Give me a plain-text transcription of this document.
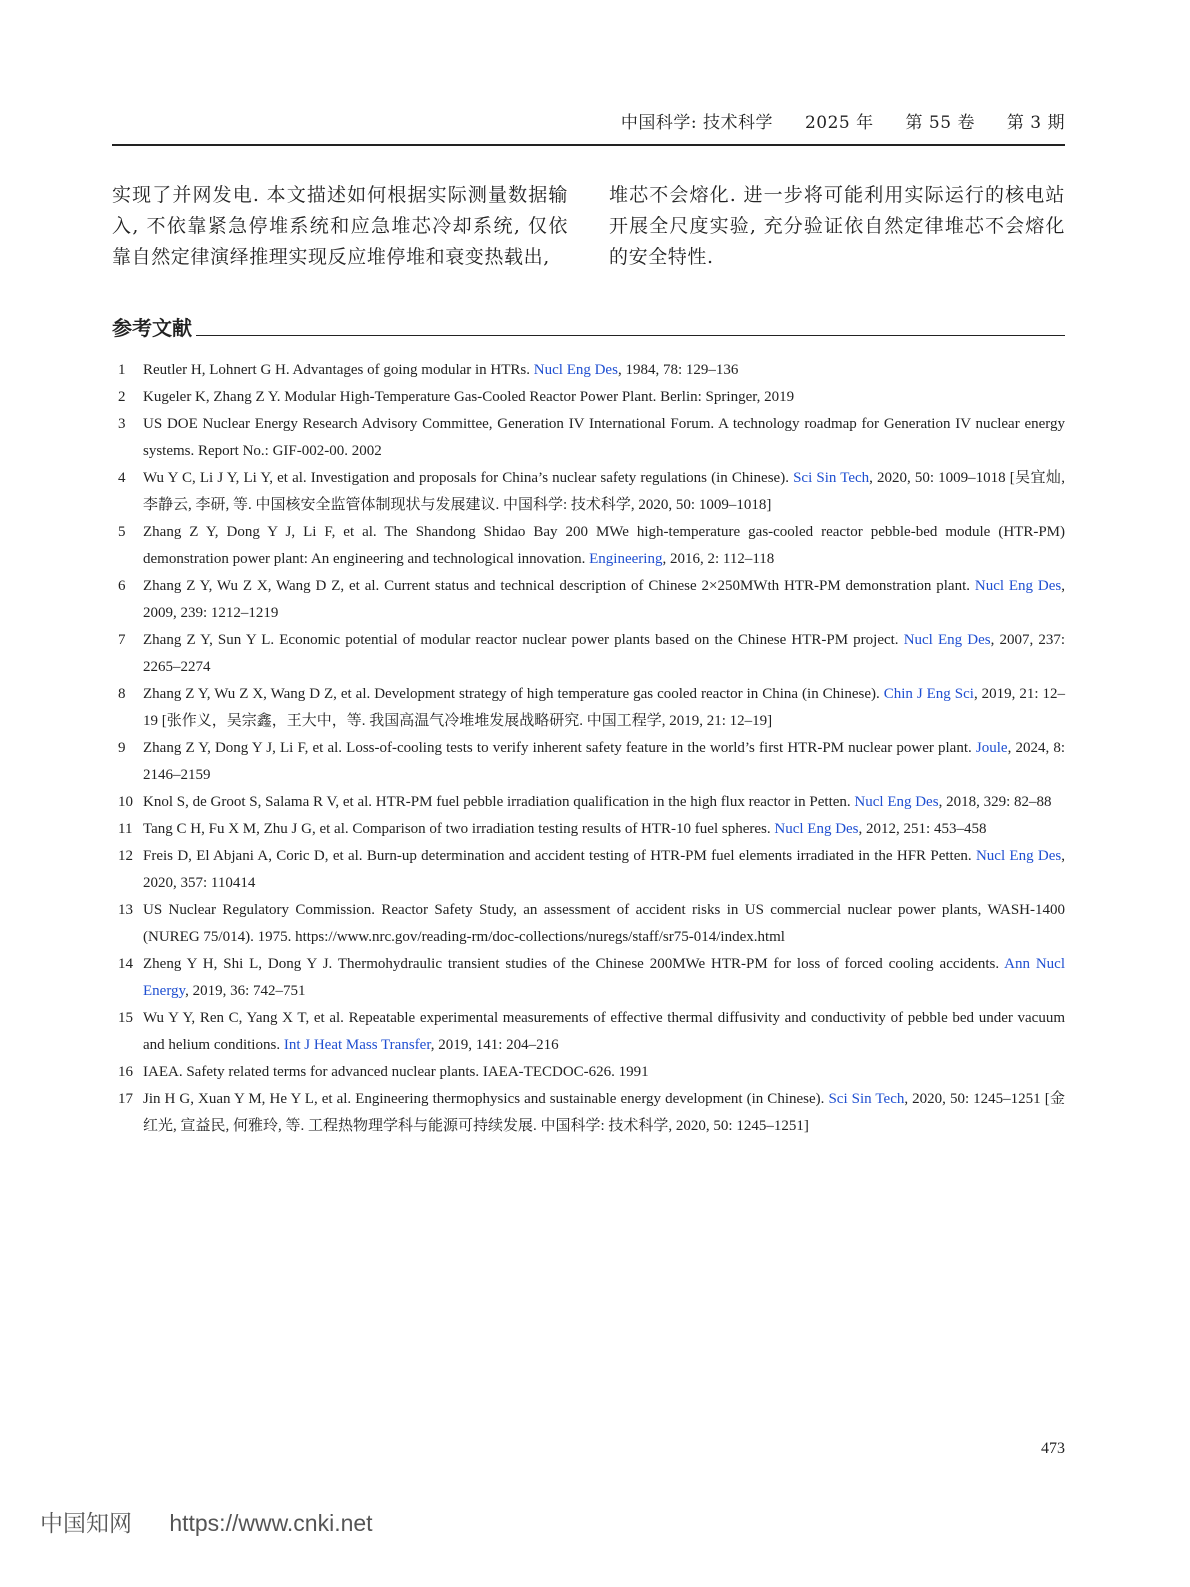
中国科学: 技术科学 2025 年 第 55 卷 第 3 期
实现了并网发电. 本文描述如何根据实际测量数据输入, 不依靠紧急停堆系统和应急堆芯冷却系统, 仅依靠自然定律演绎推理实现反应堆停堆和衰变热载出,
堆芯不会熔化. 进一步将可能利用实际运行的核电站开展全尺度实验, 充分验证依自然定律堆芯不会熔化的安全特性.
参考文献
1	Reutler H, Lohnert G H. Advantages of going modular in HTRs. Nucl Eng Des, 1984, 78: 129–136
2	Kugeler K, Zhang Z Y. Modular High-Temperature Gas-Cooled Reactor Power Plant. Berlin: Springer, 2019
3	US DOE Nuclear Energy Research Advisory Committee, Generation IV International Forum. A technology roadmap for Generation IV nuclear energy systems. Report No.: GIF-002-00. 2002
4	Wu Y C, Li J Y, Li Y, et al. Investigation and proposals for China’s nuclear safety regulations (in Chinese). Sci Sin Tech, 2020, 50: 1009–1018 [吴宜灿, 李静云, 李研, 等. 中国核安全监管体制现状与发展建议. 中国科学: 技术科学, 2020, 50: 1009–1018]
5	Zhang Z Y, Dong Y J, Li F, et al. The Shandong Shidao Bay 200 MWe high-temperature gas-cooled reactor pebble-bed module (HTR-PM) demonstration power plant: An engineering and technological innovation. Engineering, 2016, 2: 112–118
6	Zhang Z Y, Wu Z X, Wang D Z, et al. Current status and technical description of Chinese 2×250MWth HTR-PM demonstration plant. Nucl Eng Des, 2009, 239: 1212–1219
7	Zhang Z Y, Sun Y L. Economic potential of modular reactor nuclear power plants based on the Chinese HTR-PM project. Nucl Eng Des, 2007, 237: 2265–2274
8	Zhang Z Y, Wu Z X, Wang D Z, et al. Development strategy of high temperature gas cooled reactor in China (in Chinese). Chin J Eng Sci, 2019, 21: 12–19 [张作义，吴宗鑫，王大中，等. 我国高温气冷堆堆发展战略研究. 中国工程学, 2019, 21: 12–19]
9	Zhang Z Y, Dong Y J, Li F, et al. Loss-of-cooling tests to verify inherent safety feature in the world’s first HTR-PM nuclear power plant. Joule, 2024, 8: 2146–2159
10 Knol S, de Groot S, Salama R V, et al. HTR-PM fuel pebble irradiation qualification in the high flux reactor in Petten. Nucl Eng Des, 2018, 329: 82–88
11 Tang C H, Fu X M, Zhu J G, et al. Comparison of two irradiation testing results of HTR-10 fuel spheres. Nucl Eng Des, 2012, 251: 453–458
12 Freis D, El Abjani A, Coric D, et al. Burn-up determination and accident testing of HTR-PM fuel elements irradiated in the HFR Petten. Nucl Eng Des, 2020, 357: 110414
13 US Nuclear Regulatory Commission. Reactor Safety Study, an assessment of accident risks in US commercial nuclear power plants, WASH-1400 (NUREG 75/014). 1975. https://www.nrc.gov/reading-rm/doc-collections/nuregs/staff/sr75-014/index.html
14 Zheng Y H, Shi L, Dong Y J. Thermohydraulic transient studies of the Chinese 200MWe HTR-PM for loss of forced cooling accidents. Ann Nucl Energy, 2019, 36: 742–751
15 Wu Y Y, Ren C, Yang X T, et al. Repeatable experimental measurements of effective thermal diffusivity and conductivity of pebble bed under vacuum and helium conditions. Int J Heat Mass Transfer, 2019, 141: 204–216
16 IAEA. Safety related terms for advanced nuclear plants. IAEA-TECDOC-626. 1991
17 Jin H G, Xuan Y M, He Y L, et al. Engineering thermophysics and sustainable energy development (in Chinese). Sci Sin Tech, 2020, 50: 1245–1251 [金红光, 宣益民, 何雅玲, 等. 工程热物理学科与能源可持续发展. 中国科学: 技术科学, 2020, 50: 1245–1251]
473
中国知网 https://www.cnki.net
